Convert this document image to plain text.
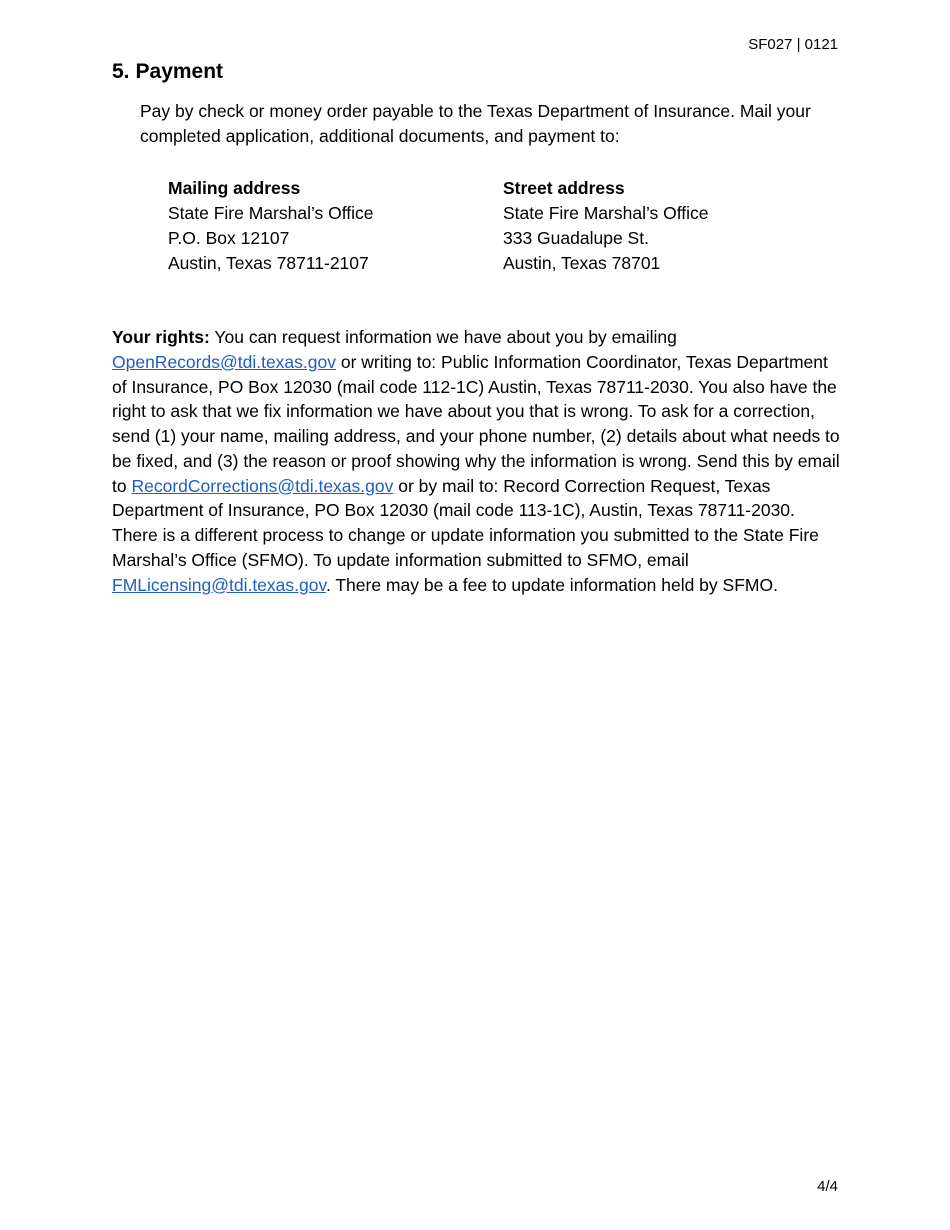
SF027 | 0121
5. Payment

Pay by check or money order payable to the Texas Department of Insurance. Mail your completed application, additional documents, and payment to:

Mailing address
State Fire Marshal’s Office
P.O. Box 12107
Austin, Texas 78711-2107
Street address
State Fire Marshal’s Office
333 Guadalupe St.
Austin, Texas 78701

Your rights: You can request information we have about you by emailing OpenRecords@tdi.texas.gov or writing to: Public Information Coordinator, Texas Department of Insurance, PO Box 12030 (mail code 112-1C) Austin, Texas 78711-2030. You also have the right to ask that we fix information we have about you that is wrong. To ask for a correction, send (1) your name, mailing address, and your phone number, (2) details about what needs to be fixed, and (3) the reason or proof showing why the information is wrong. Send this by email to RecordCorrections@tdi.texas.gov or by mail to: Record Correction Request, Texas Department of Insurance, PO Box 12030 (mail code 113-1C), Austin, Texas 78711-2030. There is a different process to change or update information you submitted to the State Fire Marshal’s Office (SFMO). To update information submitted to SFMO, email FMLicensing@tdi.texas.gov. There may be a fee to update information held by SFMO.

4/4
